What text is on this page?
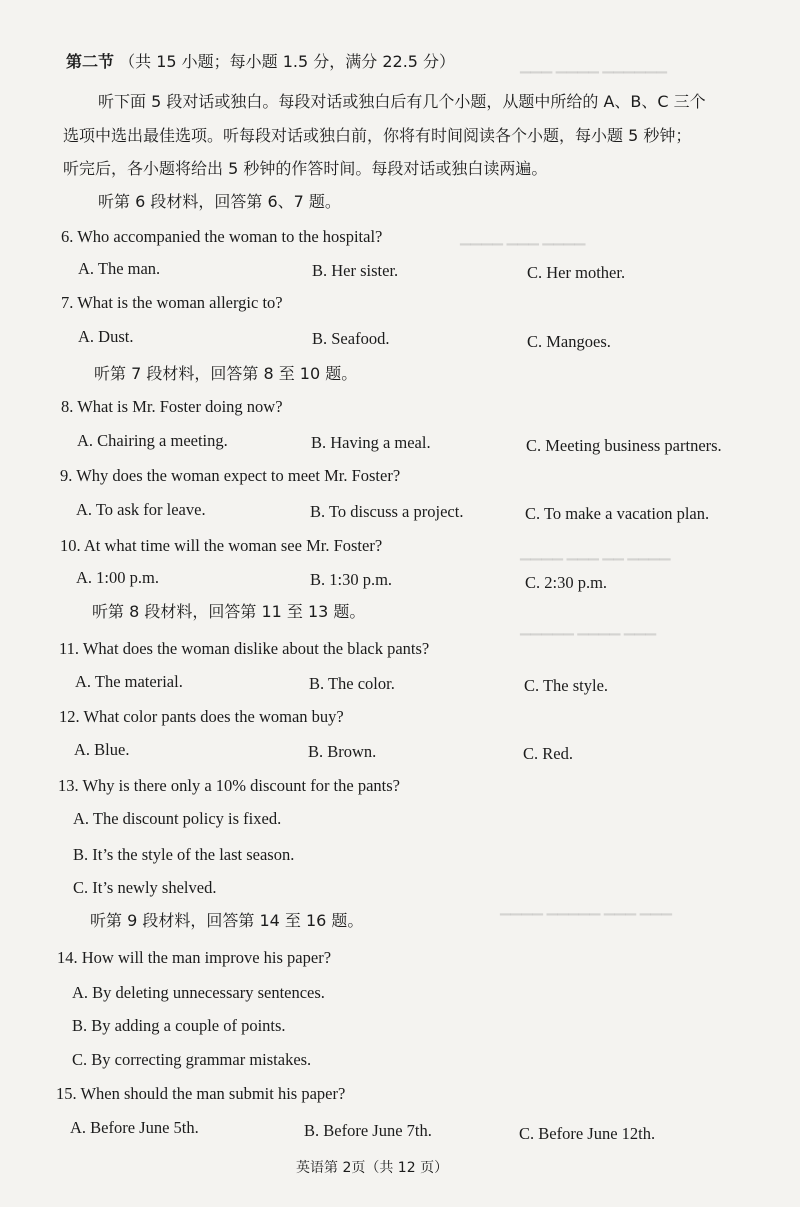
▁▁▁ ▁▁▁▁ ▁▁▁▁▁▁
▁▁▁▁ ▁▁▁ ▁▁▁▁
▁▁▁▁ ▁▁▁ ▁▁ ▁▁▁▁
▁▁▁▁▁ ▁▁▁▁ ▁▁▁
▁▁▁▁ ▁▁▁▁▁ ▁▁▁ ▁▁▁
第二节 （共 15 小题；每小题 1.5 分，满分 22.5 分）
听下面 5 段对话或独白。每段对话或独白后有几个小题，从题中所给的 A、B、C 三个
选项中选出最佳选项。听每段对话或独白前，你将有时间阅读各个小题，每小题 5 秒钟；
听完后，各小题将给出 5 秒钟的作答时间。每段对话或独白读两遍。
听第 6 段材料，回答第 6、7 题。
6. Who accompanied the woman to the hospital?
A. The man.	B. Her sister.	C. Her mother.
7. What is the woman allergic to?
A. Dust.	B. Seafood.	C. Mangoes.
听第 7 段材料，回答第 8 至 10 题。
8. What is Mr. Foster doing now?
A. Chairing a meeting.	B. Having a meal.	C. Meeting business partners.
9. Why does the woman expect to meet Mr. Foster?
A. To ask for leave.	B. To discuss a project.	C. To make a vacation plan.
10. At what time will the woman see Mr. Foster?
A. 1:00 p.m.	B. 1:30 p.m.	C. 2:30 p.m.
听第 8 段材料，回答第 11 至 13 题。
11. What does the woman dislike about the black pants?
A. The material.	B. The color.	C. The style.
12. What color pants does the woman buy?
A. Blue.	B. Brown.	C. Red.
13. Why is there only a 10% discount for the pants?
A. The discount policy is fixed.
B. It’s the style of the last season.
C. It’s newly shelved.
听第 9 段材料，回答第 14 至 16 题。
14. How will the man improve his paper?
A. By deleting unnecessary sentences.
B. By adding a couple of points.
C. By correcting grammar mistakes.
15. When should the man submit his paper?
A. Before June 5th.	B. Before June 7th.	C. Before June 12th.
英语第 2页（共 12 页）
